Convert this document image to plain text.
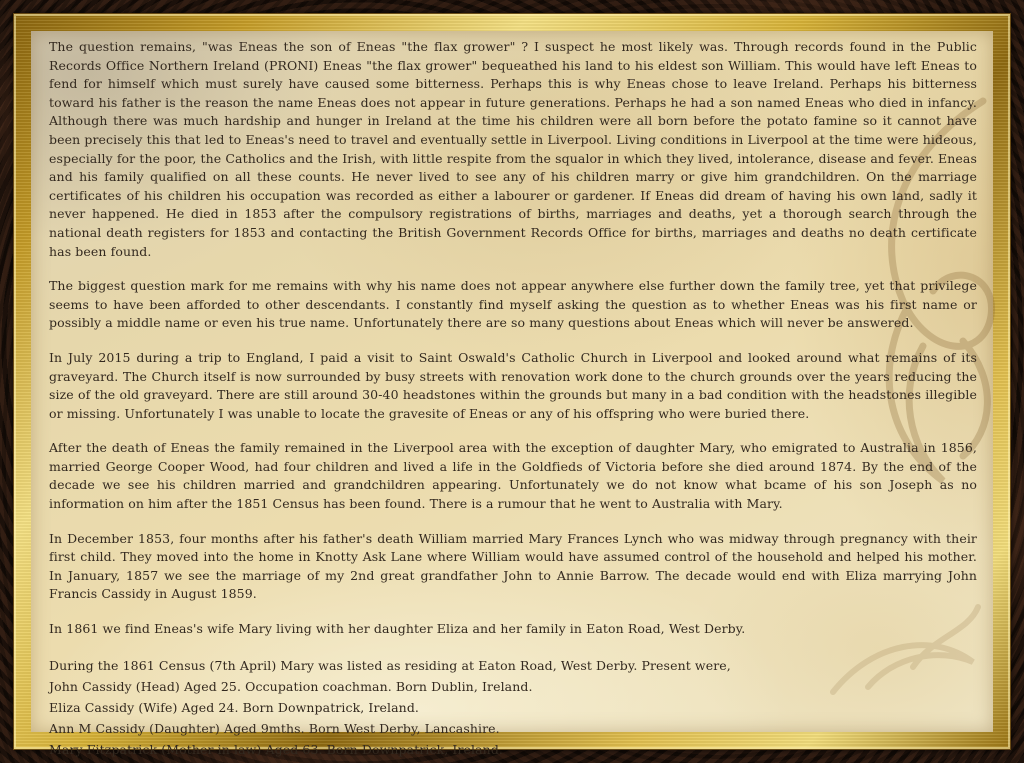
The question remains, "was Eneas the son of Eneas "the flax grower" ? I suspect he most likely was. Through records found in the Public Records Office Northern Ireland (PRONI) Eneas "the flax grower" bequeathed his land to his eldest son William. This would have left Eneas to fend for himself which must surely have caused some bitterness. Perhaps this is why Eneas chose to leave Ireland. Perhaps his bitterness toward his father is the reason the name Eneas does not appear in future generations. Perhaps he had a son named Eneas who died in infancy. Although there was much hardship and hunger in Ireland at the time his children were all born before the potato famine so it cannot have been precisely this that led to Eneas's need to travel and eventually settle in Liverpool. Living conditions in Liverpool at the time were hideous, especially for the poor, the Catholics and the Irish, with little respite from the squalor in which they lived, intolerance, disease and fever. Eneas and his family qualified on all these counts. He never lived to see any of his children marry or give him grandchildren. On the marriage certificates of his children his occupation was recorded as either a labourer or gardener. If Eneas did dream of having his own land, sadly it never happened. He died in 1853 after the compulsory registrations of births, marriages and deaths, yet a thorough search through the national death registers for 1853 and contacting the British Government Records Office for births, marriages and deaths no death certificate has been found.

The biggest question mark for me remains with why his name does not appear anywhere else further down the family tree, yet that privilege seems to have been afforded to other descendants. I constantly find myself asking the question as to whether Eneas was his first name or possibly a middle name or even his true name. Unfortunately there are so many questions about Eneas which will never be answered.

In July 2015 during a trip to England, I paid a visit to Saint Oswald's Catholic Church in Liverpool and looked around what remains of its graveyard. The Church itself is now surrounded by busy streets with renovation work done to the church grounds over the years reducing the size of the old graveyard. There are still around 30-40 headstones within the grounds but many in a bad condition with the headstones illegible or missing. Unfortunately I was unable to locate the gravesite of Eneas or any of his offspring who were buried there.

After the death of Eneas the family remained in the Liverpool area with the exception of daughter Mary, who emigrated to Australia in 1856, married George Cooper Wood, had four children and lived a life in the Goldfieds of Victoria before she died around 1874. By the end of the decade we see his children married and grandchildren appearing. Unfortunately we do not know what bcame of his son Joseph as no information on him after the 1851 Census has been found. There is a rumour that he went to Australia with Mary.

In December 1853, four months after his father's death William married Mary Frances Lynch who was midway through pregnancy with their first child. They moved into the home in Knotty Ask Lane where William would have assumed control of the household and helped his mother. In January, 1857 we see the marriage of my 2nd great grandfather John to Annie Barrow. The decade would end with Eliza marrying John Francis Cassidy in August 1859.

In 1861 we find Eneas's wife Mary living with her daughter Eliza and her family in Eaton Road, West Derby.

During the 1861 Census (7th April) Mary was listed as residing at Eaton Road, West Derby. Present were,

John Cassidy (Head) Aged 25. Occupation coachman. Born Dublin, Ireland.

Eliza Cassidy (Wife) Aged 24. Born Downpatrick, Ireland.

Ann M Cassidy (Daughter) Aged 9mths. Born West Derby, Lancashire.

Mary Fitzpatrick (Mother in law) Aged 63. Born Downpatrick, Ireland.
